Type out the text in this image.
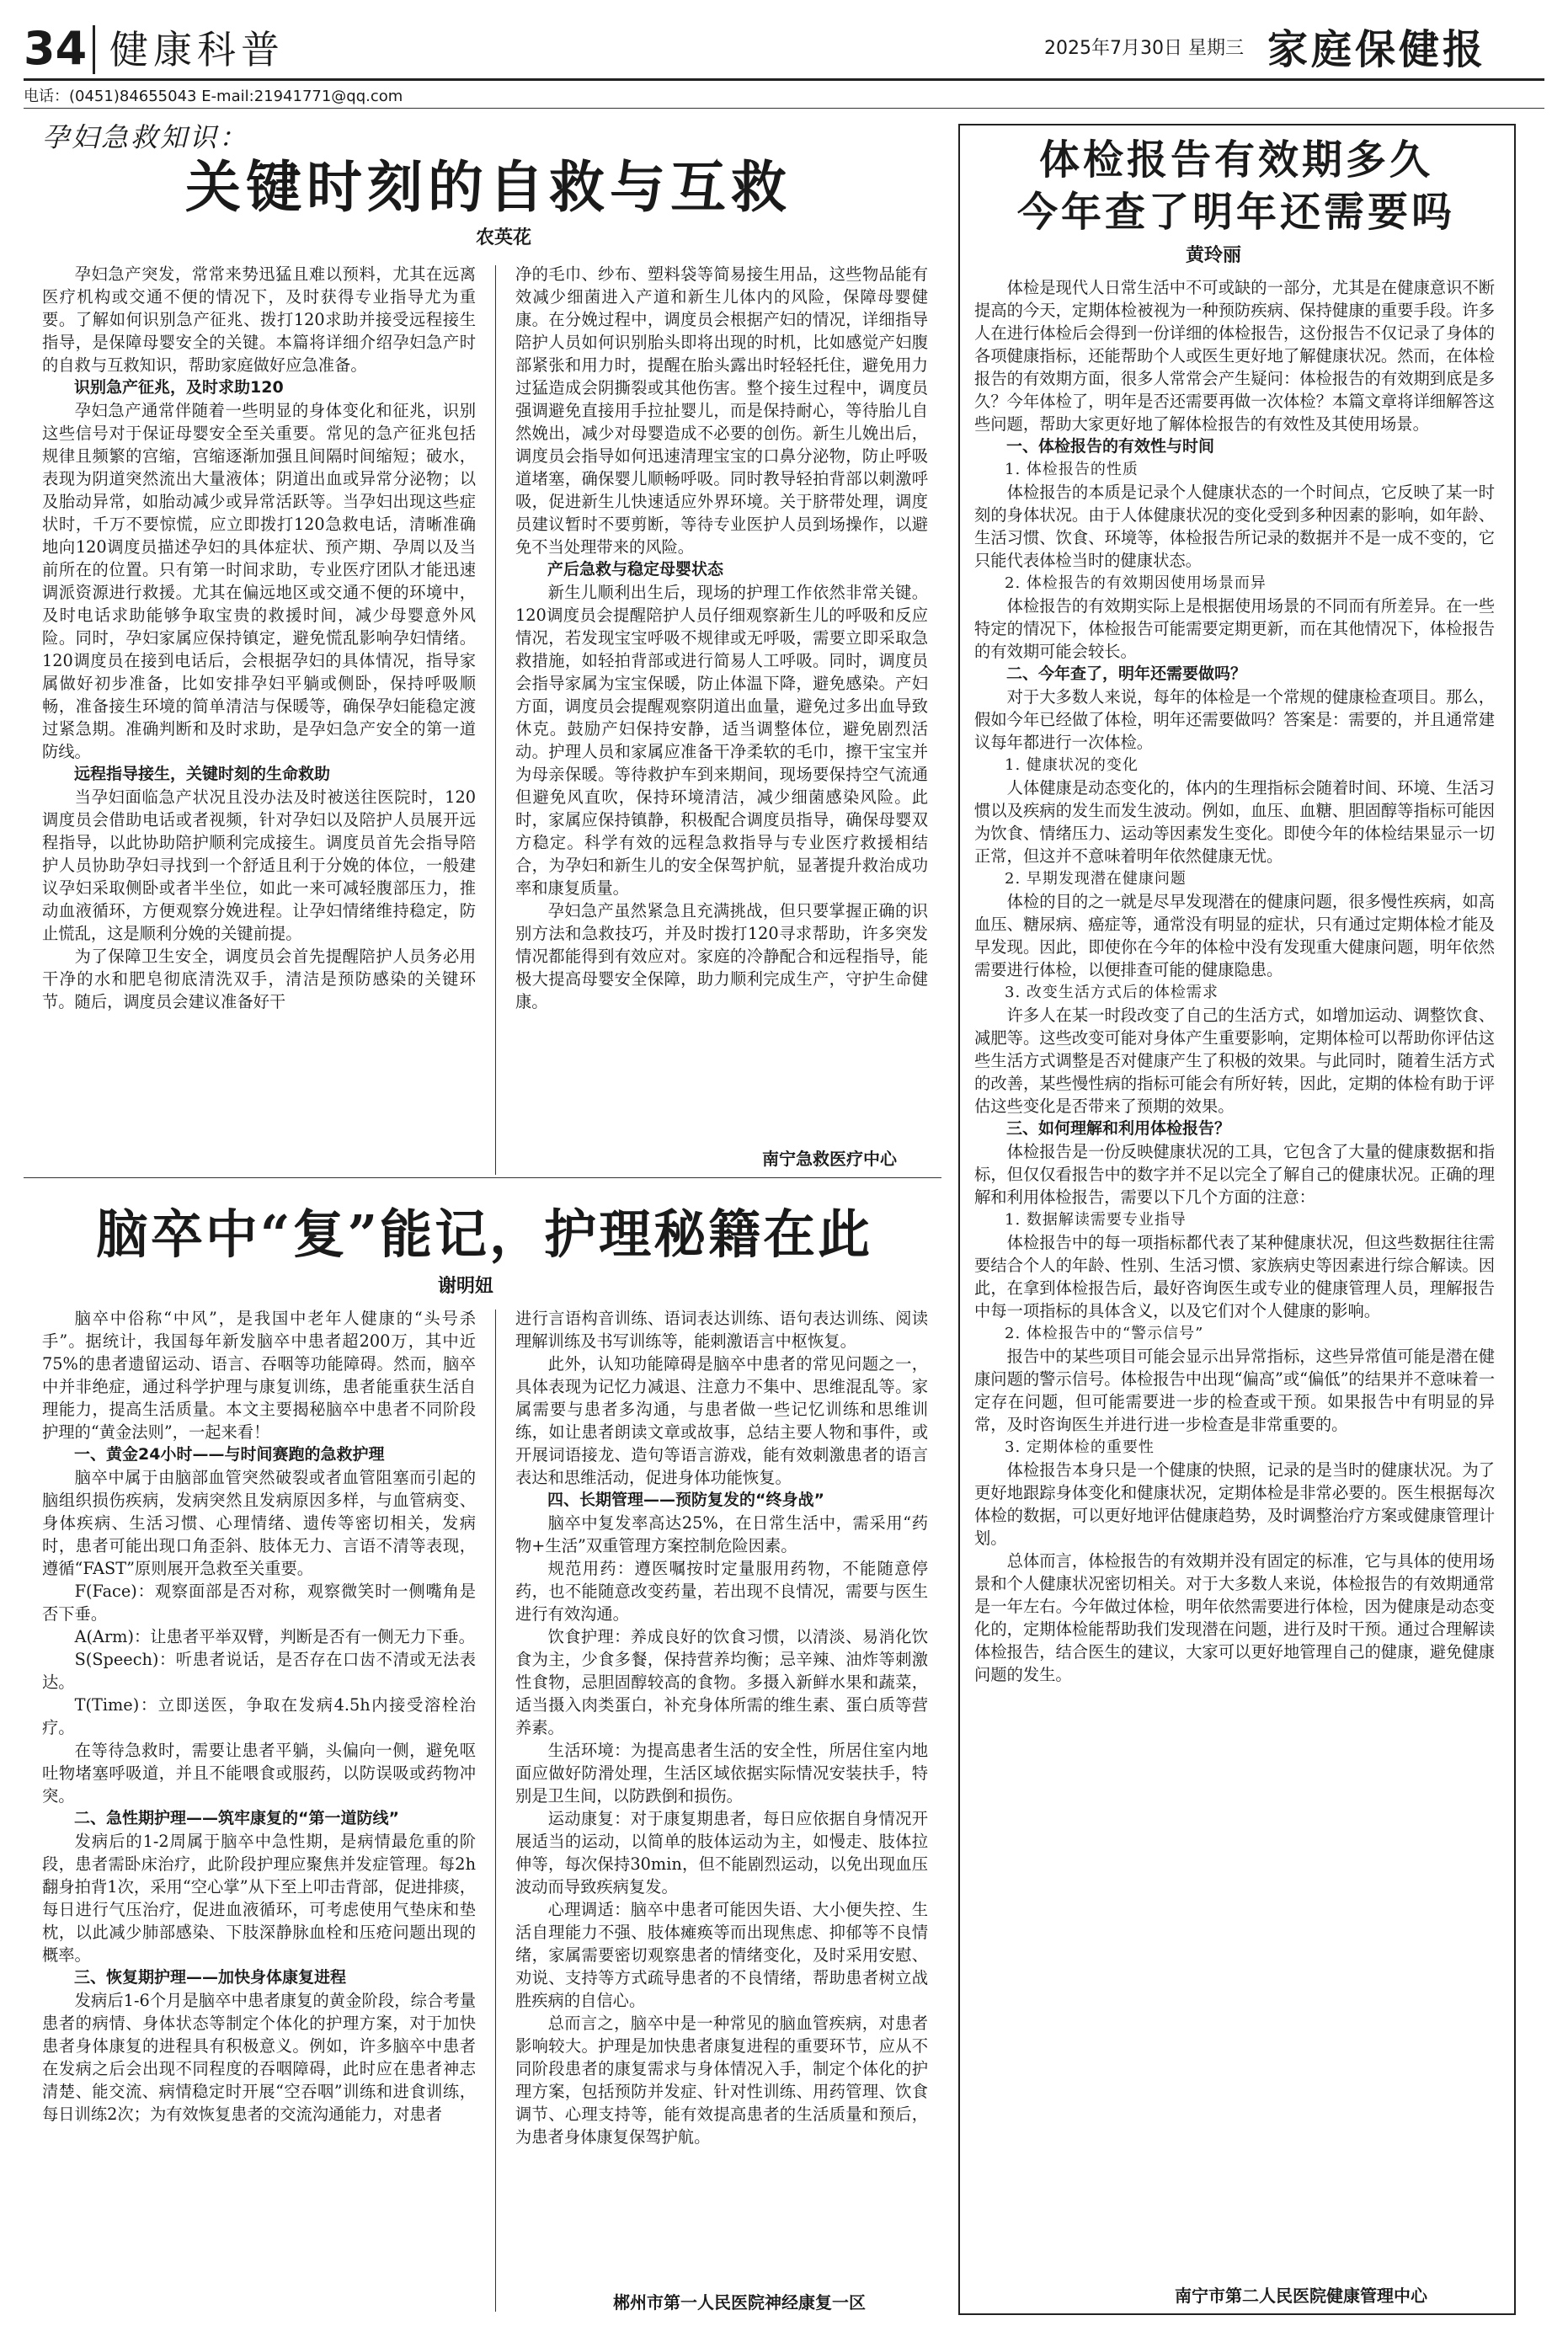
34 健康科普	2025年7月30日 星期三 家庭保健报
电话：(0451)84655043 E-mail:21941771@qq.com
孕妇急救知识：
关键时刻的自救与互救
农英花

孕妇急产突发，常常来势迅猛且难以预料，尤其在远离医疗机构或交通不便的情况下，及时获得专业指导尤为重要。了解如何识别急产征兆、拨打120求助并接受远程接生指导，是保障母婴安全的关键。本篇将详细介绍孕妇急产时的自救与互救知识，帮助家庭做好应急准备。

识别急产征兆，及时求助120

孕妇急产通常伴随着一些明显的身体变化和征兆，识别这些信号对于保证母婴安全至关重要。常见的急产征兆包括规律且频繁的宫缩，宫缩逐渐加强且间隔时间缩短；破水，表现为阴道突然流出大量液体；阴道出血或异常分泌物；以及胎动异常，如胎动减少或异常活跃等。当孕妇出现这些症状时，千万不要惊慌，应立即拨打120急救电话，清晰准确地向120调度员描述孕妇的具体症状、预产期、孕周以及当前所在的位置。只有第一时间求助，专业医疗团队才能迅速调派资源进行救援。尤其在偏远地区或交通不便的环境中，及时电话求助能够争取宝贵的救援时间，减少母婴意外风险。同时，孕妇家属应保持镇定，避免慌乱影响孕妇情绪。120调度员在接到电话后，会根据孕妇的具体情况，指导家属做好初步准备，比如安排孕妇平躺或侧卧，保持呼吸顺畅，准备接生环境的简单清洁与保暖等，确保孕妇能稳定渡过紧急期。准确判断和及时求助，是孕妇急产安全的第一道防线。

远程指导接生，关键时刻的生命救助

当孕妇面临急产状况且没办法及时被送往医院时，120调度员会借助电话或者视频，针对孕妇以及陪护人员展开远程指导，以此协助陪护顺利完成接生。调度员首先会指导陪护人员协助孕妇寻找到一个舒适且利于分娩的体位，一般建议孕妇采取侧卧或者半坐位，如此一来可减轻腹部压力，推动血液循环，方便观察分娩进程。让孕妇情绪维持稳定，防止慌乱，这是顺利分娩的关键前提。

为了保障卫生安全，调度员会首先提醒陪护人员务必用干净的水和肥皂彻底清洗双手，清洁是预防感染的关键环节。随后，调度员会建议准备好干

净的毛巾、纱布、塑料袋等简易接生用品，这些物品能有效减少细菌进入产道和新生儿体内的风险，保障母婴健康。在分娩过程中，调度员会根据产妇的情况，详细指导陪护人员如何识别胎头即将出现的时机，比如感觉产妇腹部紧张和用力时，提醒在胎头露出时轻轻托住，避免用力过猛造成会阴撕裂或其他伤害。整个接生过程中，调度员强调避免直接用手拉扯婴儿，而是保持耐心，等待胎儿自然娩出，减少对母婴造成不必要的创伤。新生儿娩出后，调度员会指导如何迅速清理宝宝的口鼻分泌物，防止呼吸道堵塞，确保婴儿顺畅呼吸。同时教导轻拍背部以刺激呼吸，促进新生儿快速适应外界环境。关于脐带处理，调度员建议暂时不要剪断，等待专业医护人员到场操作，以避免不当处理带来的风险。

产后急救与稳定母婴状态

新生儿顺利出生后，现场的护理工作依然非常关键。120调度员会提醒陪护人员仔细观察新生儿的呼吸和反应情况，若发现宝宝呼吸不规律或无呼吸，需要立即采取急救措施，如轻拍背部或进行简易人工呼吸。同时，调度员会指导家属为宝宝保暖，防止体温下降，避免感染。产妇方面，调度员会提醒观察阴道出血量，避免过多出血导致休克。鼓励产妇保持安静，适当调整体位，避免剧烈活动。护理人员和家属应准备干净柔软的毛巾，擦干宝宝并为母亲保暖。等待救护车到来期间，现场要保持空气流通但避免风直吹，保持环境清洁，减少细菌感染风险。此时，家属应保持镇静，积极配合调度员指导，确保母婴双方稳定。科学有效的远程急救指导与专业医疗救援相结合，为孕妇和新生儿的安全保驾护航，显著提升救治成功率和康复质量。

孕妇急产虽然紧急且充满挑战，但只要掌握正确的识别方法和急救技巧，并及时拨打120寻求帮助，许多突发情况都能得到有效应对。家庭的冷静配合和远程指导，能极大提高母婴安全保障，助力顺利完成生产，守护生命健康。

南宁急救医疗中心
脑卒中“复”能记，护理秘籍在此
谢明妞

脑卒中俗称“中风”，是我国中老年人健康的“头号杀手”。据统计，我国每年新发脑卒中患者超200万，其中近75%的患者遗留运动、语言、吞咽等功能障碍。然而，脑卒中并非绝症，通过科学护理与康复训练，患者能重获生活自理能力，提高生活质量。本文主要揭秘脑卒中患者不同阶段护理的“黄金法则”，一起来看！

一、黄金24小时——与时间赛跑的急救护理

脑卒中属于由脑部血管突然破裂或者血管阻塞而引起的脑组织损伤疾病，发病突然且发病原因多样，与血管病变、身体疾病、生活习惯、心理情绪、遗传等密切相关，发病时，患者可能出现口角歪斜、肢体无力、言语不清等表现，遵循“FAST”原则展开急救至关重要。

F(Face)：观察面部是否对称，观察微笑时一侧嘴角是否下垂。

A(Arm)：让患者平举双臂，判断是否有一侧无力下垂。

S(Speech)：听患者说话，是否存在口齿不清或无法表达。

T(Time)：立即送医，争取在发病4.5h内接受溶栓治疗。

在等待急救时，需要让患者平躺，头偏向一侧，避免呕吐物堵塞呼吸道，并且不能喂食或服药，以防误吸或药物冲突。

二、急性期护理——筑牢康复的“第一道防线”

发病后的1-2周属于脑卒中急性期，是病情最危重的阶段，患者需卧床治疗，此阶段护理应聚焦并发症管理。每2h翻身拍背1次，采用“空心掌”从下至上叩击背部，促进排痰，每日进行气压治疗，促进血液循环，可考虑使用气垫床和垫枕，以此减少肺部感染、下肢深静脉血栓和压疮问题出现的概率。

三、恢复期护理——加快身体康复进程

发病后1-6个月是脑卒中患者康复的黄金阶段，综合考量患者的病情、身体状态等制定个体化的护理方案，对于加快患者身体康复的进程具有积极意义。例如，许多脑卒中患者在发病之后会出现不同程度的吞咽障碍，此时应在患者神志清楚、能交流、病情稳定时开展“空吞咽”训练和进食训练，每日训练2次；为有效恢复患者的交流沟通能力，对患者

进行言语构音训练、语词表达训练、语句表达训练、阅读理解训练及书写训练等，能刺激语言中枢恢复。

此外，认知功能障碍是脑卒中患者的常见问题之一，具体表现为记忆力减退、注意力不集中、思维混乱等。家属需要与患者多沟通，与患者做一些记忆训练和思维训练，如让患者朗读文章或故事，总结主要人物和事件，或开展词语接龙、造句等语言游戏，能有效刺激患者的语言表达和思维活动，促进身体功能恢复。

四、长期管理——预防复发的“终身战”

脑卒中复发率高达25%，在日常生活中，需采用“药物+生活”双重管理方案控制危险因素。

规范用药：遵医嘱按时定量服用药物，不能随意停药，也不能随意改变药量，若出现不良情况，需要与医生进行有效沟通。

饮食护理：养成良好的饮食习惯，以清淡、易消化饮食为主，少食多餐，保持营养均衡；忌辛辣、油炸等刺激性食物，忌胆固醇较高的食物。多摄入新鲜水果和蔬菜，适当摄入肉类蛋白，补充身体所需的维生素、蛋白质等营养素。

生活环境：为提高患者生活的安全性，所居住室内地面应做好防滑处理，生活区域依据实际情况安装扶手，特别是卫生间，以防跌倒和损伤。

运动康复：对于康复期患者，每日应依据自身情况开展适当的运动，以简单的肢体运动为主，如慢走、肢体拉伸等，每次保持30min，但不能剧烈运动，以免出现血压波动而导致疾病复发。

心理调适：脑卒中患者可能因失语、大小便失控、生活自理能力不强、肢体瘫痪等而出现焦虑、抑郁等不良情绪，家属需要密切观察患者的情绪变化，及时采用安慰、劝说、支持等方式疏导患者的不良情绪，帮助患者树立战胜疾病的自信心。

总而言之，脑卒中是一种常见的脑血管疾病，对患者影响较大。护理是加快患者康复进程的重要环节，应从不同阶段患者的康复需求与身体情况入手，制定个体化的护理方案，包括预防并发症、针对性训练、用药管理、饮食调节、心理支持等，能有效提高患者的生活质量和预后，为患者身体康复保驾护航。

郴州市第一人民医院神经康复一区
体检报告有效期多久
今年查了明年还需要吗
黄玲丽

体检是现代人日常生活中不可或缺的一部分，尤其是在健康意识不断提高的今天，定期体检被视为一种预防疾病、保持健康的重要手段。许多人在进行体检后会得到一份详细的体检报告，这份报告不仅记录了身体的各项健康指标，还能帮助个人或医生更好地了解健康状况。然而，在体检报告的有效期方面，很多人常常会产生疑问：体检报告的有效期到底是多久？今年体检了，明年是否还需要再做一次体检？本篇文章将详细解答这些问题，帮助大家更好地了解体检报告的有效性及其使用场景。

一、体检报告的有效性与时间
1. 体检报告的性质

体检报告的本质是记录个人健康状态的一个时间点，它反映了某一时刻的身体状况。由于人体健康状况的变化受到多种因素的影响，如年龄、生活习惯、饮食、环境等，体检报告所记录的数据并不是一成不变的，它只能代表体检当时的健康状态。

2. 体检报告的有效期因使用场景而异

体检报告的有效期实际上是根据使用场景的不同而有所差异。在一些特定的情况下，体检报告可能需要定期更新，而在其他情况下，体检报告的有效期可能会较长。

二、今年查了，明年还需要做吗？

对于大多数人来说，每年的体检是一个常规的健康检查项目。那么，假如今年已经做了体检，明年还需要做吗？答案是：需要的，并且通常建议每年都进行一次体检。

1. 健康状况的变化

人体健康是动态变化的，体内的生理指标会随着时间、环境、生活习惯以及疾病的发生而发生波动。例如，血压、血糖、胆固醇等指标可能因为饮食、情绪压力、运动等因素发生变化。即使今年的体检结果显示一切正常，但这并不意味着明年依然健康无忧。

2. 早期发现潜在健康问题

体检的目的之一就是尽早发现潜在的健康问题，很多慢性疾病，如高血压、糖尿病、癌症等，通常没有明显的症状，只有通过定期体检才能及早发现。因此，即使你在今年的体检中没有发现重大健康问题，明年依然需要进行体检，以便排查可能的健康隐患。

3. 改变生活方式后的体检需求

许多人在某一时段改变了自己的生活方式，如增加运动、调整饮食、减肥等。这些改变可能对身体产生重要影响，定期体检可以帮助你评估这些生活方式调整是否对健康产生了积极的效果。与此同时，随着生活方式的改善，某些慢性病的指标可能会有所好转，因此，定期的体检有助于评估这些变化是否带来了预期的效果。

三、如何理解和利用体检报告？

体检报告是一份反映健康状况的工具，它包含了大量的健康数据和指标，但仅仅看报告中的数字并不足以完全了解自己的健康状况。正确的理解和利用体检报告，需要以下几个方面的注意：

1. 数据解读需要专业指导

体检报告中的每一项指标都代表了某种健康状况，但这些数据往往需要结合个人的年龄、性别、生活习惯、家族病史等因素进行综合解读。因此，在拿到体检报告后，最好咨询医生或专业的健康管理人员，理解报告中每一项指标的具体含义，以及它们对个人健康的影响。

2. 体检报告中的“警示信号”

报告中的某些项目可能会显示出异常指标，这些异常值可能是潜在健康问题的警示信号。体检报告中出现“偏高”或“偏低”的结果并不意味着一定存在问题，但可能需要进一步的检查或干预。如果报告中有明显的异常，及时咨询医生并进行进一步检查是非常重要的。

3. 定期体检的重要性

体检报告本身只是一个健康的快照，记录的是当时的健康状况。为了更好地跟踪身体变化和健康状况，定期体检是非常必要的。医生根据每次体检的数据，可以更好地评估健康趋势，及时调整治疗方案或健康管理计划。

总体而言，体检报告的有效期并没有固定的标准，它与具体的使用场景和个人健康状况密切相关。对于大多数人来说，体检报告的有效期通常是一年左右。今年做过体检，明年依然需要进行体检，因为健康是动态变化的，定期体检能帮助我们发现潜在问题，进行及时干预。通过合理解读体检报告，结合医生的建议，大家可以更好地管理自己的健康，避免健康问题的发生。

南宁市第二人民医院健康管理中心
